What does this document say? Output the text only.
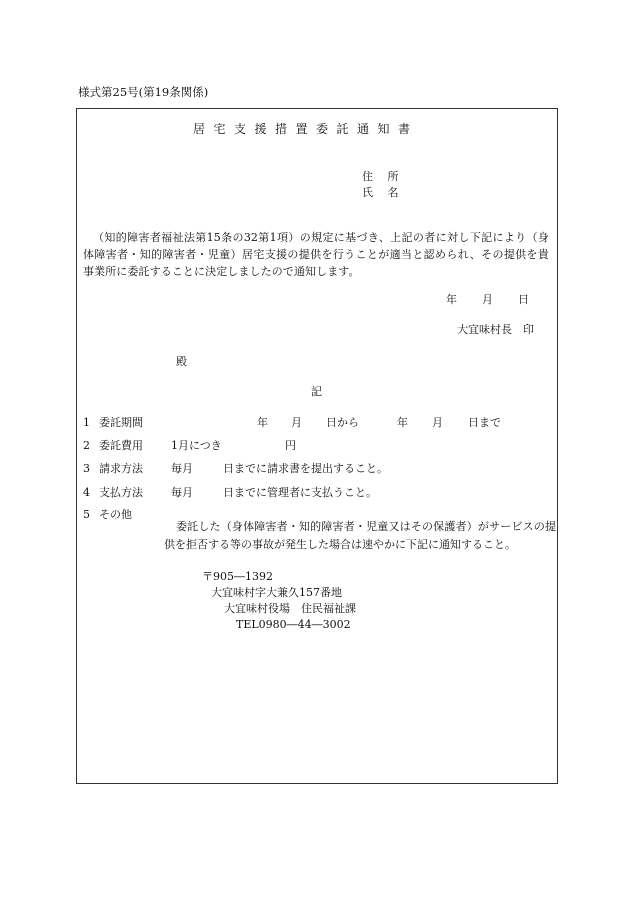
様式第25号(第19条関係)
居宅支援措置委託通知書
住　 所
氏　 名
（知的障害者福祉法第15条の32第1項）の規定に基づき、上記の者に対し下記により（身体障害者・知的障害者・児童）居宅支援の提供を行うことが適当と認められ、その提供を貴事業所に委託することに決定しましたので通知します。
年 月 日
大宜味村長　印
殿
記
1 委託期間	年 月 日から	年 月 日まで
2 委託費用	1月につき	円
3 請求方法	毎月	日までに請求書を提出すること。
4 支払方法	毎月	日までに管理者に支払うこと。
5 その他
委託した（身体障害者・知的障害者・児童又はその保護者）がサービスの提供を拒否する等の事故が発生した場合は速やかに下記に通知すること。
〒905―1392
大宜味村字大兼久157番地
大宜味村役場　住民福祉課
TEL0980―44―3002
